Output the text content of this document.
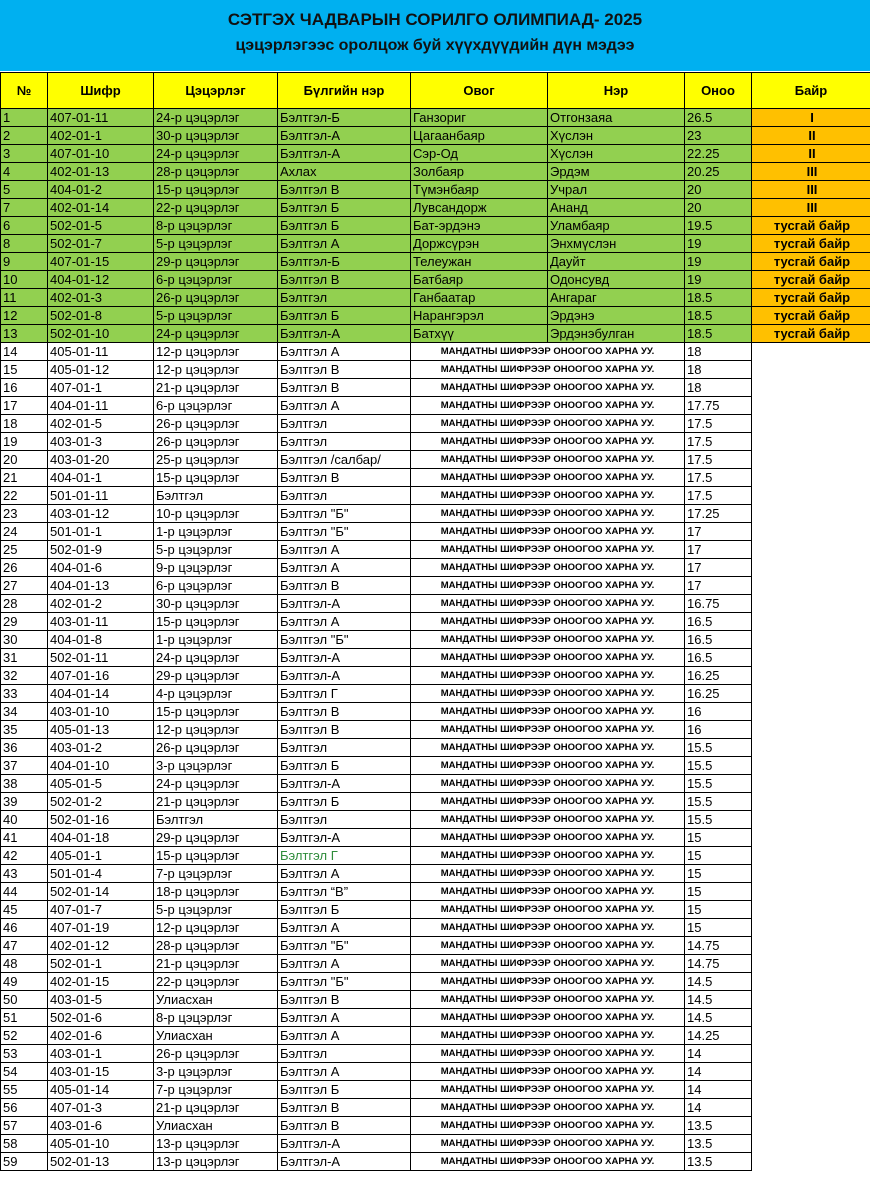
СЭТГЭХ ЧАДВАРЫН СОРИЛГО ОЛИМПИАД- 2025
цэцэрлэгээс оролцож буй хүүхдүүдийн дүн мэдээ
№	Шифр	Цэцэрлэг	Бүлгийн нэр	Овог	Нэр	Оноо	Байр
1	407-01-11	24-р цэцэрлэг	Бэлтгэл-Б	Ганзориг	Отгонзаяа	26.5	I
2	402-01-1	30-р цэцэрлэг	Бэлтгэл-А	Цагаанбаяр	Хүслэн	23	II
3	407-01-10	24-р цэцэрлэг	Бэлтгэл-А	Сэр-Од	Хүслэн	22.25	II
4	402-01-13	28-р цэцэрлэг	Ахлах	Золбаяр	Эрдэм	20.25	III
5	404-01-2	15-р цэцэрлэг	Бэлтгэл В	Түмэнбаяр	Учрал	20	III
7	402-01-14	22-р цэцэрлэг	Бэлтгэл Б	Лувсандорж	Ананд	20	III
6	502-01-5	8-р цэцэрлэг	Бэлтгэл Б	Бат-эрдэнэ	Уламбаяр	19.5	тусгай байр
8	502-01-7	5-р цэцэрлэг	Бэлтгэл А	Доржсүрэн	Энхмүслэн	19	тусгай байр
9	407-01-15	29-р цэцэрлэг	Бэлтгэл-Б	Телеужан	Дауйт	19	тусгай байр
10	404-01-12	6-р цэцэрлэг	Бэлтгэл В	Батбаяр	Одонсувд	19	тусгай байр
11	402-01-3	26-р цэцэрлэг	Бэлтгэл	Ганбаатар	Ангараг	18.5	тусгай байр
12	502-01-8	5-р цэцэрлэг	Бэлтгэл Б	Нарангэрэл	Эрдэнэ	18.5	тусгай байр
13	502-01-10	24-р цэцэрлэг	Бэлтгэл-А	Батхүү	Эрдэнэбулган	18.5	тусгай байр
14	405-01-11	12-р цэцэрлэг	Бэлтгэл А	МАНДАТНЫ ШИФРЭЭР ОНООГОО ХАРНА УУ.		18	
15	405-01-12	12-р цэцэрлэг	Бэлтгэл В	МАНДАТНЫ ШИФРЭЭР ОНООГОО ХАРНА УУ.		18	
16	407-01-1	21-р цэцэрлэг	Бэлтгэл В	МАНДАТНЫ ШИФРЭЭР ОНООГОО ХАРНА УУ.		18	
17	404-01-11	6-р цэцэрлэг	Бэлтгэл А	МАНДАТНЫ ШИФРЭЭР ОНООГОО ХАРНА УУ.		17.75	
18	402-01-5	26-р цэцэрлэг	Бэлтгэл	МАНДАТНЫ ШИФРЭЭР ОНООГОО ХАРНА УУ.		17.5	
19	403-01-3	26-р цэцэрлэг	Бэлтгэл	МАНДАТНЫ ШИФРЭЭР ОНООГОО ХАРНА УУ.		17.5	
20	403-01-20	25-р цэцэрлэг	Бэлтгэл /салбар/	МАНДАТНЫ ШИФРЭЭР ОНООГОО ХАРНА УУ.		17.5	
21	404-01-1	15-р цэцэрлэг	Бэлтгэл В	МАНДАТНЫ ШИФРЭЭР ОНООГОО ХАРНА УУ.		17.5	
22	501-01-11	Бэлтгэл	Бэлтгэл	МАНДАТНЫ ШИФРЭЭР ОНООГОО ХАРНА УУ.		17.5	
23	403-01-12	10-р цэцэрлэг	Бэлтгэл "Б"	МАНДАТНЫ ШИФРЭЭР ОНООГОО ХАРНА УУ.		17.25	
24	501-01-1	1-р цэцэрлэг	Бэлтгэл "Б"	МАНДАТНЫ ШИФРЭЭР ОНООГОО ХАРНА УУ.		17	
25	502-01-9	5-р цэцэрлэг	Бэлтгэл А	МАНДАТНЫ ШИФРЭЭР ОНООГОО ХАРНА УУ.		17	
26	404-01-6	9-р цэцэрлэг	Бэлтгэл А	МАНДАТНЫ ШИФРЭЭР ОНООГОО ХАРНА УУ.		17	
27	404-01-13	6-р цэцэрлэг	Бэлтгэл В	МАНДАТНЫ ШИФРЭЭР ОНООГОО ХАРНА УУ.		17	
28	402-01-2	30-р цэцэрлэг	Бэлтгэл-А	МАНДАТНЫ ШИФРЭЭР ОНООГОО ХАРНА УУ.		16.75	
29	403-01-11	15-р цэцэрлэг	Бэлтгэл А	МАНДАТНЫ ШИФРЭЭР ОНООГОО ХАРНА УУ.		16.5	
30	404-01-8	1-р цэцэрлэг	Бэлтгэл "Б"	МАНДАТНЫ ШИФРЭЭР ОНООГОО ХАРНА УУ.		16.5	
31	502-01-11	24-р цэцэрлэг	Бэлтгэл-А	МАНДАТНЫ ШИФРЭЭР ОНООГОО ХАРНА УУ.		16.5	
32	407-01-16	29-р цэцэрлэг	Бэлтгэл-А	МАНДАТНЫ ШИФРЭЭР ОНООГОО ХАРНА УУ.		16.25	
33	404-01-14	4-р цэцэрлэг	Бэлтгэл Г	МАНДАТНЫ ШИФРЭЭР ОНООГОО ХАРНА УУ.		16.25	
34	403-01-10	15-р цэцэрлэг	Бэлтгэл В	МАНДАТНЫ ШИФРЭЭР ОНООГОО ХАРНА УУ.		16	
35	405-01-13	12-р цэцэрлэг	Бэлтгэл В	МАНДАТНЫ ШИФРЭЭР ОНООГОО ХАРНА УУ.		16	
36	403-01-2	26-р цэцэрлэг	Бэлтгэл	МАНДАТНЫ ШИФРЭЭР ОНООГОО ХАРНА УУ.		15.5	
37	404-01-10	3-р цэцэрлэг	Бэлтгэл Б	МАНДАТНЫ ШИФРЭЭР ОНООГОО ХАРНА УУ.		15.5	
38	405-01-5	24-р цэцэрлэг	Бэлтгэл-А	МАНДАТНЫ ШИФРЭЭР ОНООГОО ХАРНА УУ.		15.5	
39	502-01-2	21-р цэцэрлэг	Бэлтгэл Б	МАНДАТНЫ ШИФРЭЭР ОНООГОО ХАРНА УУ.		15.5	
40	502-01-16	Бэлтгэл	Бэлтгэл	МАНДАТНЫ ШИФРЭЭР ОНООГОО ХАРНА УУ.		15.5	
41	404-01-18	29-р цэцэрлэг	Бэлтгэл-А	МАНДАТНЫ ШИФРЭЭР ОНООГОО ХАРНА УУ.		15	
42	405-01-1	15-р цэцэрлэг	Бэлтгэл Г	МАНДАТНЫ ШИФРЭЭР ОНООГОО ХАРНА УУ.		15	
43	501-01-4	7-р цэцэрлэг	Бэлтгэл А	МАНДАТНЫ ШИФРЭЭР ОНООГОО ХАРНА УУ.		15	
44	502-01-14	18-р цэцэрлэг	Бэлтгэл “В”	МАНДАТНЫ ШИФРЭЭР ОНООГОО ХАРНА УУ.		15	
45	407-01-7	5-р цэцэрлэг	Бэлтгэл Б	МАНДАТНЫ ШИФРЭЭР ОНООГОО ХАРНА УУ.		15	
46	407-01-19	12-р цэцэрлэг	Бэлтгэл А	МАНДАТНЫ ШИФРЭЭР ОНООГОО ХАРНА УУ.		15	
47	402-01-12	28-р цэцэрлэг	Бэлтгэл "Б"	МАНДАТНЫ ШИФРЭЭР ОНООГОО ХАРНА УУ.		14.75	
48	502-01-1	21-р цэцэрлэг	Бэлтгэл А	МАНДАТНЫ ШИФРЭЭР ОНООГОО ХАРНА УУ.		14.75	
49	402-01-15	22-р цэцэрлэг	Бэлтгэл "Б"	МАНДАТНЫ ШИФРЭЭР ОНООГОО ХАРНА УУ.		14.5	
50	403-01-5	Улиасхан	Бэлтгэл В	МАНДАТНЫ ШИФРЭЭР ОНООГОО ХАРНА УУ.		14.5	
51	502-01-6	8-р цэцэрлэг	Бэлтгэл А	МАНДАТНЫ ШИФРЭЭР ОНООГОО ХАРНА УУ.		14.5	
52	402-01-6	Улиасхан	Бэлтгэл А	МАНДАТНЫ ШИФРЭЭР ОНООГОО ХАРНА УУ.		14.25	
53	403-01-1	26-р цэцэрлэг	Бэлтгэл	МАНДАТНЫ ШИФРЭЭР ОНООГОО ХАРНА УУ.		14	
54	403-01-15	3-р цэцэрлэг	Бэлтгэл А	МАНДАТНЫ ШИФРЭЭР ОНООГОО ХАРНА УУ.		14	
55	405-01-14	7-р цэцэрлэг	Бэлтгэл Б	МАНДАТНЫ ШИФРЭЭР ОНООГОО ХАРНА УУ.		14	
56	407-01-3	21-р цэцэрлэг	Бэлтгэл В	МАНДАТНЫ ШИФРЭЭР ОНООГОО ХАРНА УУ.		14	
57	403-01-6	Улиасхан	Бэлтгэл В	МАНДАТНЫ ШИФРЭЭР ОНООГОО ХАРНА УУ.		13.5	
58	405-01-10	13-р цэцэрлэг	Бэлтгэл-А	МАНДАТНЫ ШИФРЭЭР ОНООГОО ХАРНА УУ.		13.5	
59	502-01-13	13-р цэцэрлэг	Бэлтгэл-А	МАНДАТНЫ ШИФРЭЭР ОНООГОО ХАРНА УУ.		13.5	
